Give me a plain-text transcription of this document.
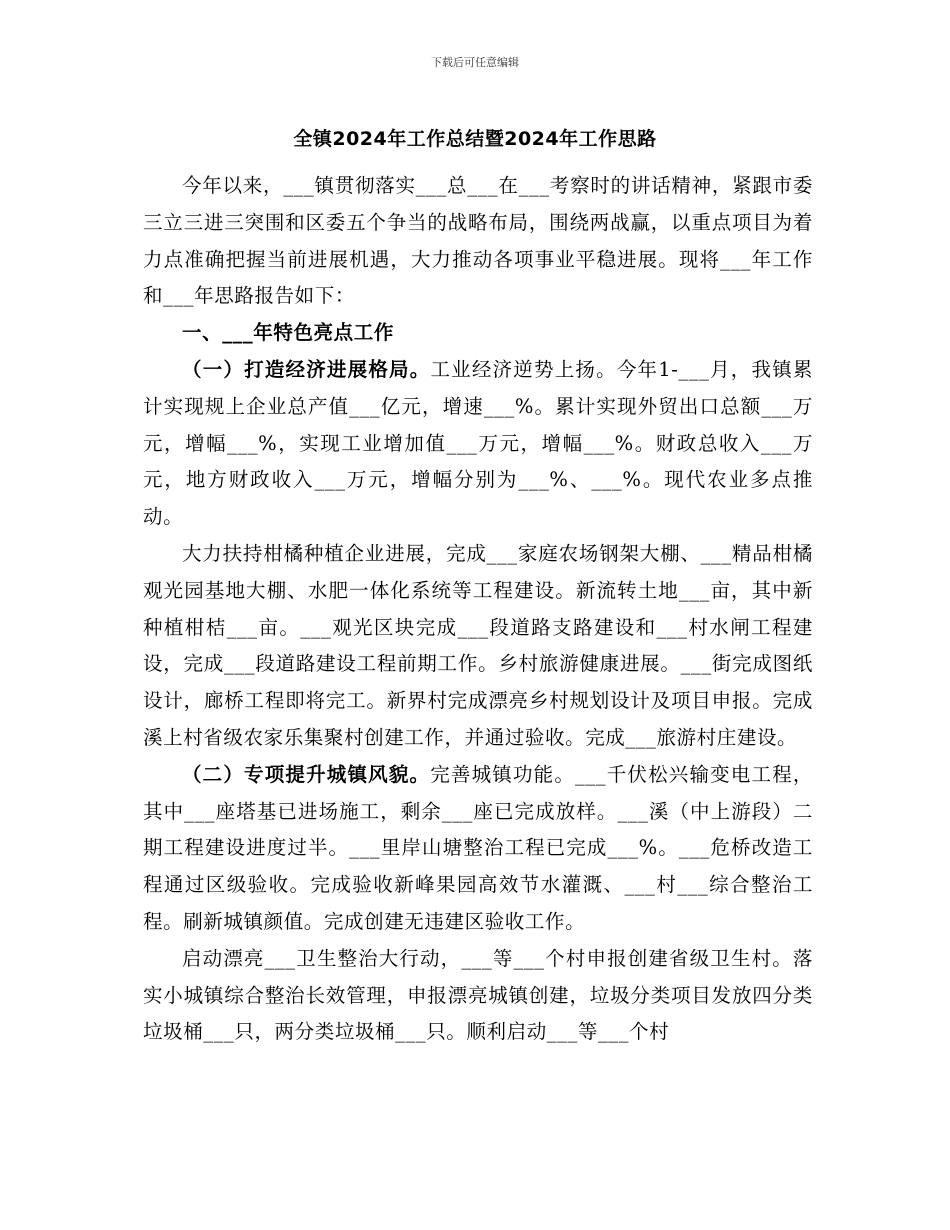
下载后可任意编辑
全镇2024年工作总结暨2024年工作思路

今年以来，___镇贯彻落实___总___在___考察时的讲话精神，紧跟市委三立三进三突围和区委五个争当的战略布局，围绕两战赢，以重点项目为着力点准确把握当前进展机遇，大力推动各项事业平稳进展。现将___年工作和___年思路报告如下：

一、___年特色亮点工作

（一）打造经济进展格局。工业经济逆势上扬。今年1-___月，我镇累计实现规上企业总产值___亿元，增速___%。累计实现外贸出口总额___万元，增幅___%，实现工业增加值___万元，增幅___%。财政总收入___万元，地方财政收入___万元，增幅分别为___%、___%。现代农业多点推动。

大力扶持柑橘种植企业进展，完成___家庭农场钢架大棚、___精品柑橘观光园基地大棚、水肥一体化系统等工程建设。新流转土地___亩，其中新种植柑桔___亩。___观光区块完成___段道路支路建设和___村水闸工程建设，完成___段道路建设工程前期工作。乡村旅游健康进展。___街完成图纸设计，廊桥工程即将完工。新界村完成漂亮乡村规划设计及项目申报。完成溪上村省级农家乐集聚村创建工作，并通过验收。完成___旅游村庄建设。

（二）专项提升城镇风貌。完善城镇功能。___千伏松兴输变电工程，其中___座塔基已进场施工，剩余___座已完成放样。___溪（中上游段）二期工程建设进度过半。___里岸山塘整治工程已完成___%。___危桥改造工程通过区级验收。完成验收新峰果园高效节水灌溉、___村___综合整治工程。刷新城镇颜值。完成创建无违建区验收工作。

启动漂亮___卫生整治大行动，___等___个村申报创建省级卫生村。落实小城镇综合整治长效管理，申报漂亮城镇创建，垃圾分类项目发放四分类垃圾桶___只，两分类垃圾桶___只。顺利启动___等___个村
